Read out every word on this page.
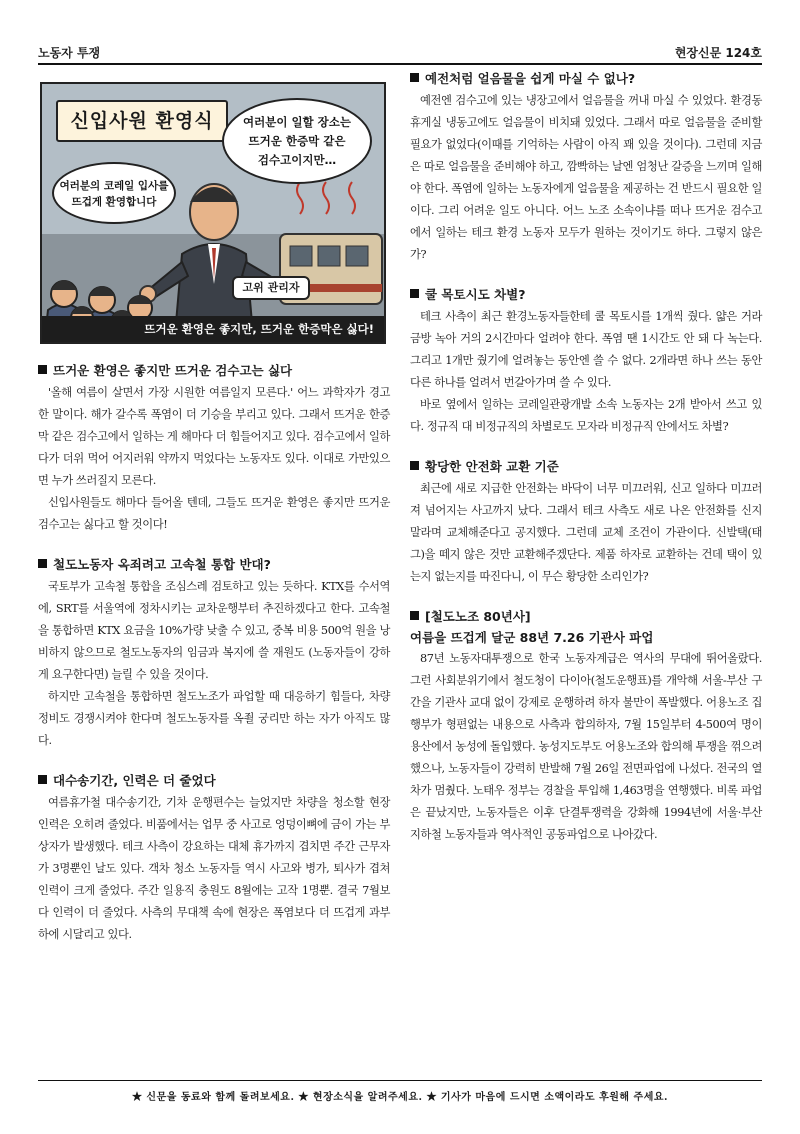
노동자 투쟁	현장신문 124호
신입사원 환영식	여러분이 일할 장소는
뜨거운 한증막 같은
검수고이지만…
여러분의 코레일 입사를
뜨겁게 환영합니다
고위 관리자
뜨거운 환영은 좋지만, 뜨거운 한증막은 싫다!
뜨거운 환영은 좋지만 뜨거운 검수고는 싫다

'올해 여름이 살면서 가장 시원한 여름일지 모른다.' 어느 과학자가 경고한 말이다. 해가 갈수록 폭염이 더 기승을 부리고 있다. 그래서 뜨거운 한증막 같은 검수고에서 일하는 게 해마다 더 힘들어지고 있다. 검수고에서 일하다가 더위 먹어 어지러워 약까지 먹었다는 노동자도 있다. 이대로 가만있으면 누가 쓰러질지 모른다.

신입사원들도 해마다 들어올 텐데, 그들도 뜨거운 환영은 좋지만 뜨거운 검수고는 싫다고 할 것이다!

철도노동자 옥죄려고 고속철 통합 반대?

국토부가 고속철 통합을 조심스레 검토하고 있는 듯하다. KTX를 수서역에, SRT를 서울역에 정차시키는 교차운행부터 추진하겠다고 한다. 고속철을 통합하면 KTX 요금을 10%가량 낮출 수 있고, 중복 비용 500억 원을 낭비하지 않으므로 철도노동자의 임금과 복지에 쓸 재원도 (노동자들이 강하게 요구한다면) 늘릴 수 있을 것이다.

하지만 고속철을 통합하면 철도노조가 파업할 때 대응하기 힘들다, 차량 정비도 경쟁시켜야 한다며 철도노동자를 옥죌 궁리만 하는 자가 아직도 많다.

대수송기간, 인력은 더 줄었다

여름휴가철 대수송기간, 기차 운행편수는 늘었지만 차량을 청소할 현장 인력은 오히려 줄었다. 비품에서는 업무 중 사고로 엉덩이뼈에 금이 가는 부상자가 발생했다. 테크 사측이 강요하는 대체 휴가까지 겹치면 주간 근무자가 3명뿐인 날도 있다. 객차 청소 노동자들 역시 사고와 병가, 퇴사가 겹쳐 인력이 크게 줄었다. 주간 일용직 충원도 8월에는 고작 1명뿐. 결국 7월보다 인력이 더 줄었다. 사측의 무대책 속에 현장은 폭염보다 더 뜨겁게 과부하에 시달리고 있다.

예전처럼 얼음물을 쉽게 마실 수 없나?

예전엔 검수고에 있는 냉장고에서 얼음물을 꺼내 마실 수 있었다. 환경동 휴게실 냉동고에도 얼음물이 비치돼 있었다. 그래서 따로 얼음물을 준비할 필요가 없었다(이때를 기억하는 사람이 아직 꽤 있을 것이다). 그런데 지금은 따로 얼음물을 준비해야 하고, 깜빡하는 날엔 엄청난 갈증을 느끼며 일해야 한다. 폭염에 일하는 노동자에게 얼음물을 제공하는 건 반드시 필요한 일이다. 그리 어려운 일도 아니다. 어느 노조 소속이냐를 떠나 뜨거운 검수고에서 일하는 테크 환경 노동자 모두가 원하는 것이기도 하다. 그렇지 않은가?

쿨 목토시도 차별?

테크 사측이 최근 환경노동자들한테 쿨 목토시를 1개씩 줬다. 얇은 거라 금방 녹아 거의 2시간마다 얼려야 한다. 폭염 땐 1시간도 안 돼 다 녹는다. 그리고 1개만 줬기에 얼려놓는 동안엔 쓸 수 없다. 2개라면 하나 쓰는 동안 다른 하나를 얼려서 번갈아가며 쓸 수 있다.

바로 옆에서 일하는 코레일관광개발 소속 노동자는 2개 받아서 쓰고 있다. 정규직 대 비정규직의 차별로도 모자라 비정규직 안에서도 차별?

황당한 안전화 교환 기준

최근에 새로 지급한 안전화는 바닥이 너무 미끄러워, 신고 일하다 미끄러져 넘어지는 사고까지 났다. 그래서 테크 사측도 새로 나온 안전화를 신지 말라며 교체해준다고 공지했다. 그런데 교체 조건이 가관이다. 신발택(태그)을 떼지 않은 것만 교환해주겠단다. 제품 하자로 교환하는 건데 택이 있는지 없는지를 따진다니, 이 무슨 황당한 소리인가?

[철도노조 80년사]
여름을 뜨겁게 달군 88년 7.26 기관사 파업

87년 노동자대투쟁으로 한국 노동자계급은 역사의 무대에 뛰어올랐다. 그런 사회분위기에서 철도청이 다이아(철도운행표)를 개악해 서울-부산 구간을 기관사 교대 없이 강제로 운행하려 하자 불만이 폭발했다. 어용노조 집행부가 형편없는 내용으로 사측과 합의하자, 7월 15일부터 4-500여 명이 용산에서 농성에 돌입했다. 농성지도부도 어용노조와 합의해 투쟁을 꺾으려 했으나, 노동자들이 강력히 반발해 7월 26일 전면파업에 나섰다. 전국의 열차가 멈췄다. 노태우 정부는 경찰을 투입해 1,463명을 연행했다. 비록 파업은 끝났지만, 노동자들은 이후 단결투쟁력을 강화해 1994년에 서울·부산 지하철 노동자들과 역사적인 공동파업으로 나아갔다.

★ 신문을 동료와 함께 돌려보세요. ★ 현장소식을 알려주세요. ★ 기사가 마음에 드시면 소액이라도 후원해 주세요.
